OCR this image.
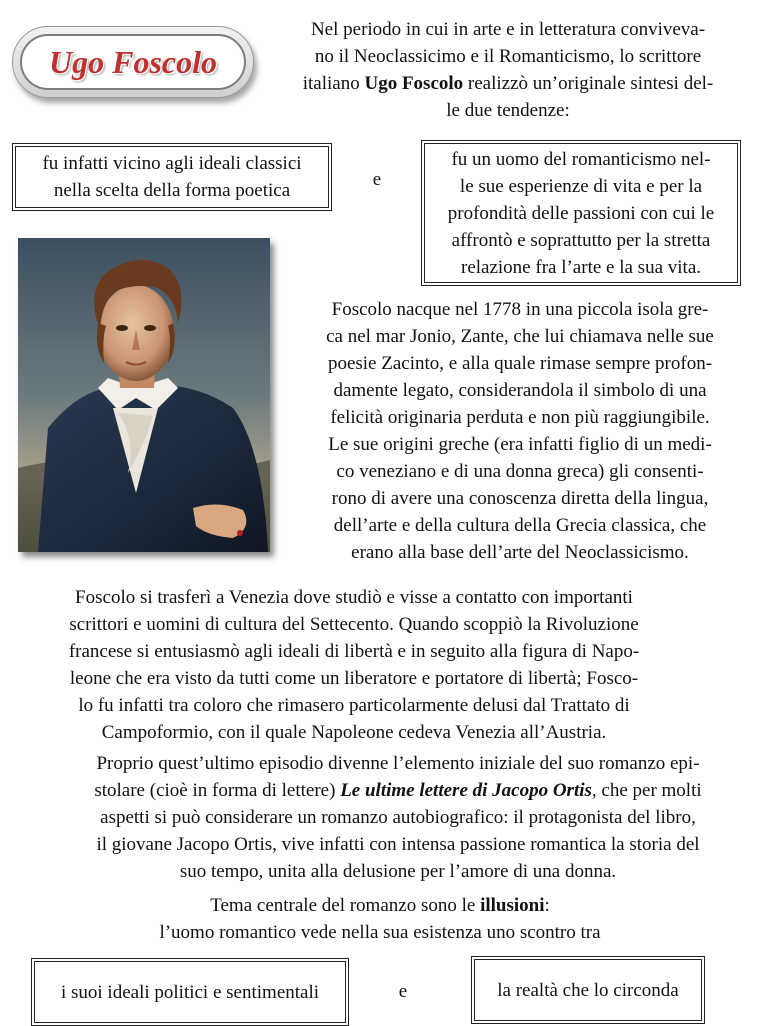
Ugo Foscolo
Nel periodo in cui in arte e in letteratura conviveva-
no il Neoclassicimo e il Romanticismo, lo scrittore
italiano Ugo Foscolo realizzò un’originale sintesi del-
le due tendenze:
fu infatti vicino agli ideali classici
nella scelta della forma poetica
e
fu un uomo del romanticismo nel-
le sue esperienze di vita e per la
profondità delle passioni con cui le
affrontò e soprattutto per la stretta
relazione fra l’arte e la sua vita.
Foscolo nacque nel 1778 in una piccola isola gre-
ca nel mar Jonio, Zante, che lui chiamava nelle sue
poesie Zacinto, e alla quale rimase sempre profon-
damente legato, considerandola il simbolo di una
felicità originaria perduta e non più raggiungibile.
Le sue origini greche (era infatti figlio di un medi-
co veneziano e di una donna greca) gli consenti-
rono di avere una conoscenza diretta della lingua,
dell’arte e della cultura della Grecia classica, che
erano alla base dell’arte del Neoclassicismo.
Foscolo si trasferì a Venezia dove studiò e visse a contatto con importanti
scrittori e uomini di cultura del Settecento. Quando scoppiò la Rivoluzione
francese si entusiasmò agli ideali di libertà e in seguito alla figura di Napo-
leone che era visto da tutti come un liberatore e portatore di libertà; Fosco-
lo fu infatti tra coloro che rimasero particolarmente delusi dal Trattato di
Campoformio, con il quale Napoleone cedeva Venezia all’Austria.
Proprio quest’ultimo episodio divenne l’elemento iniziale del suo romanzo epi-
stolare (cioè in forma di lettere) Le ultime lettere di Jacopo Ortis, che per molti
aspetti si può considerare un romanzo autobiografico: il protagonista del libro,
il giovane Jacopo Ortis, vive infatti con intensa passione romantica la storia del
suo tempo, unita alla delusione per l’amore di una donna.
Tema centrale del romanzo sono le illusioni:
l’uomo romantico vede nella sua esistenza uno scontro tra
i suoi ideali politici e sentimentali	e	la realtà che lo circonda
